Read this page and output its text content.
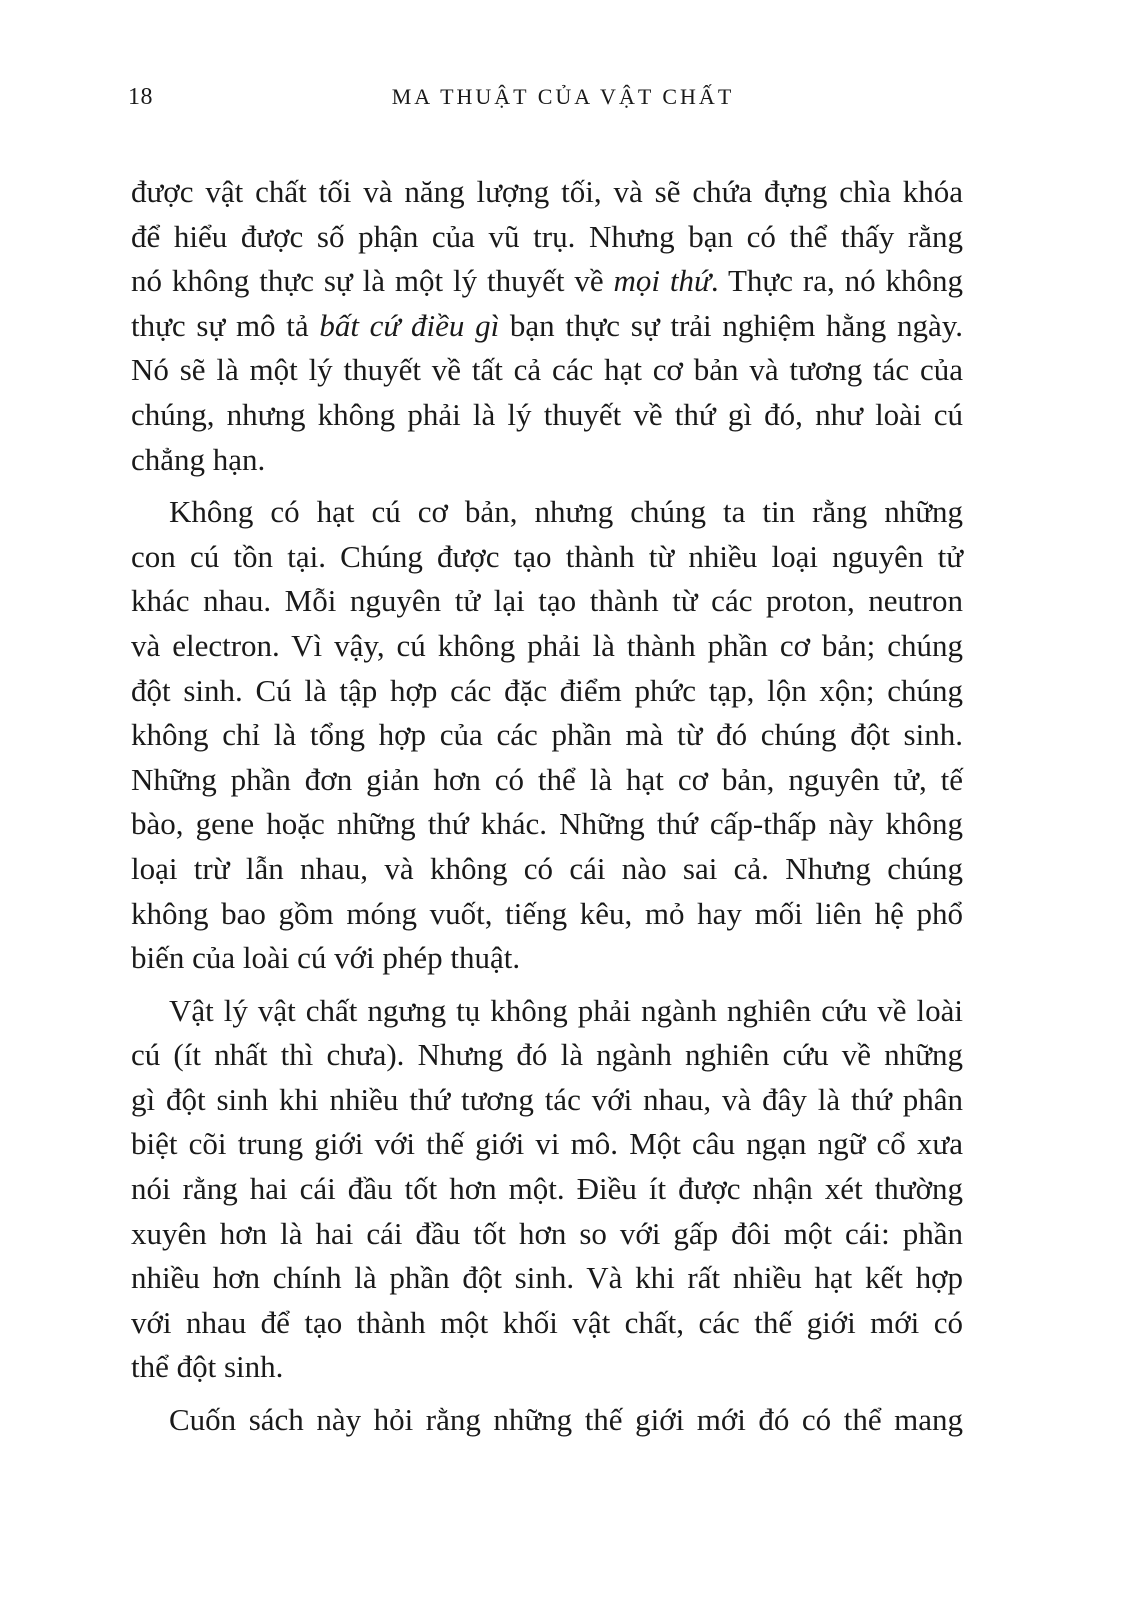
18	MA THUẬT CỦA VẬT CHẤT
được vật chất tối và năng lượng tối, và sẽ chứa đựng chìa khóa
để hiểu được số phận của vũ trụ. Nhưng bạn có thể thấy rằng
nó không thực sự là một lý thuyết về mọi thứ. Thực ra, nó không
thực sự mô tả bất cứ điều gì bạn thực sự trải nghiệm hằng ngày.
Nó sẽ là một lý thuyết về tất cả các hạt cơ bản và tương tác của
chúng, nhưng không phải là lý thuyết về thứ gì đó, như loài cú
chẳng hạn.
Không có hạt cú cơ bản, nhưng chúng ta tin rằng những
con cú tồn tại. Chúng được tạo thành từ nhiều loại nguyên tử
khác nhau. Mỗi nguyên tử lại tạo thành từ các proton, neutron
và electron. Vì vậy, cú không phải là thành phần cơ bản; chúng
đột sinh. Cú là tập hợp các đặc điểm phức tạp, lộn xộn; chúng
không chỉ là tổng hợp của các phần mà từ đó chúng đột sinh.
Những phần đơn giản hơn có thể là hạt cơ bản, nguyên tử, tế
bào, gene hoặc những thứ khác. Những thứ cấp-thấp này không
loại trừ lẫn nhau, và không có cái nào sai cả. Nhưng chúng
không bao gồm móng vuốt, tiếng kêu, mỏ hay mối liên hệ phổ
biến của loài cú với phép thuật.
Vật lý vật chất ngưng tụ không phải ngành nghiên cứu về loài
cú (ít nhất thì chưa). Nhưng đó là ngành nghiên cứu về những
gì đột sinh khi nhiều thứ tương tác với nhau, và đây là thứ phân
biệt cõi trung giới với thế giới vi mô. Một câu ngạn ngữ cổ xưa
nói rằng hai cái đầu tốt hơn một. Điều ít được nhận xét thường
xuyên hơn là hai cái đầu tốt hơn so với gấp đôi một cái: phần
nhiều hơn chính là phần đột sinh. Và khi rất nhiều hạt kết hợp
với nhau để tạo thành một khối vật chất, các thế giới mới có
thể đột sinh.
Cuốn sách này hỏi rằng những thế giới mới đó có thể mang
